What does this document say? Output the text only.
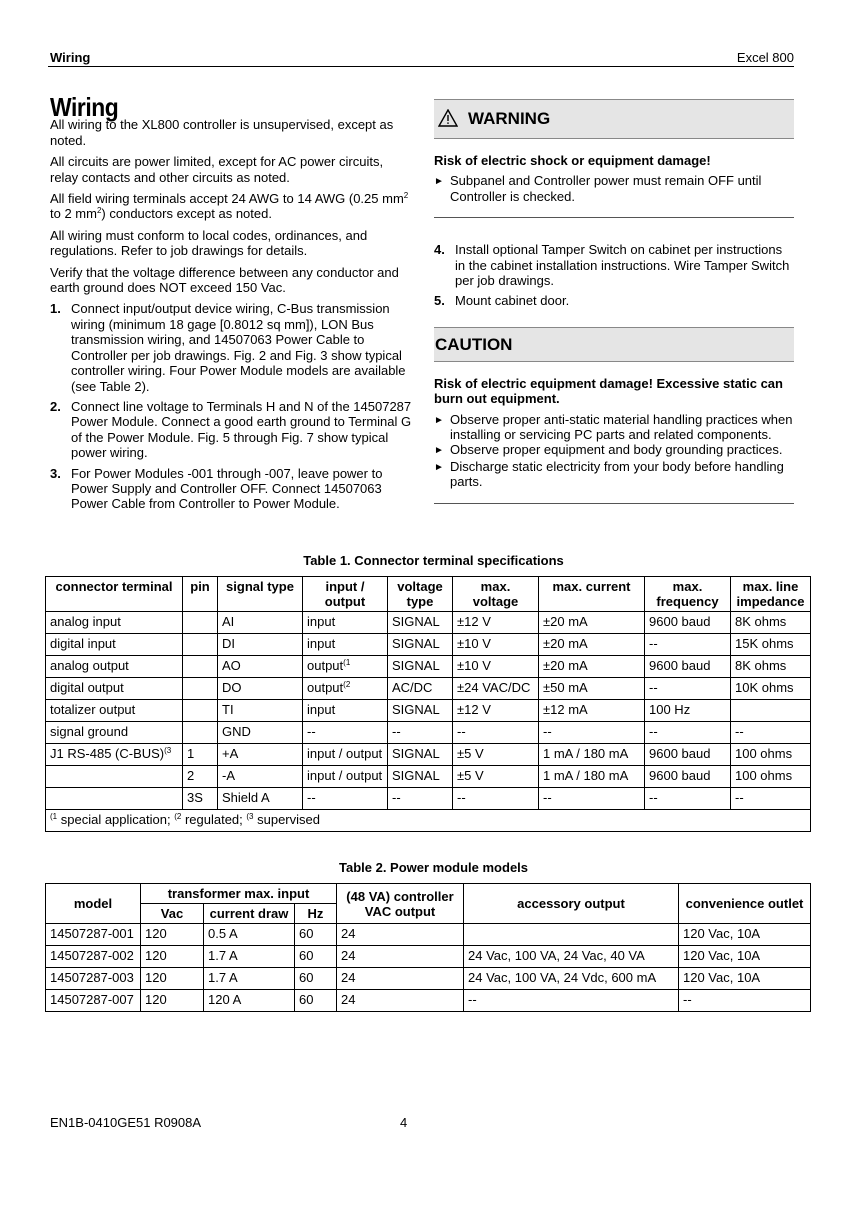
Wiring	Excel 800
Wiring

All wiring to the XL800 controller is unsupervised, except as noted.

All circuits are power limited, except for AC power circuits, relay contacts and other circuits as noted.

All field wiring terminals accept 24 AWG to 14 AWG (0.25 $mm^2$ to 2 $mm^2$) conductors except as noted.

All wiring must conform to local codes, ordinances, and regulations. Refer to job drawings for details.

Verify that the voltage difference between any conductor and earth ground does NOT exceed 150 Vac.

1. Connect input/output device wiring, C-Bus transmission wiring (minimum 18 gage [0.8012 sq mm]), LON Bus transmission wiring, and 14507063 Power Cable to Controller per job drawings. Fig. 2 and Fig. 3 show typical controller wiring. Four Power Module models are available (see Table 2).
2. Connect line voltage to Terminals H and N of the 14507287 Power Module. Connect a good earth ground to Terminal G of the Power Module. Fig. 5 through Fig. 7 show typical power wiring.
3. For Power Modules -001 through -007, leave power to Power Supply and Controller OFF. Connect 14507063 Power Cable from Controller to Power Module.
WARNING
Risk of electric shock or equipment damage!
► Subpanel and Controller power must remain OFF until Controller is checked.
4. Install optional Tamper Switch on cabinet per instructions in the cabinet installation instructions. Wire Tamper Switch per job drawings.
5. Mount cabinet door.
CAUTION
Risk of electric equipment damage! Excessive static can burn out equipment.
► Observe proper anti-static material handling practices when installing or servicing PC parts and related components.
► Observe proper equipment and body grounding practices.
► Discharge static electricity from your body before handling parts.
Table 1. Connector terminal specifications
connector terminal	pin	signal type	input / output	voltage type	max. voltage	max. current	max. frequency	max. line impedance
analog input		AI	input	SIGNAL	±12 V	±20 mA	9600 baud	8K ohms
digital input		DI	input	SIGNAL	±10 V	±20 mA	--	15K ohms
analog output		AO	output$^{(1}$	SIGNAL	±10 V	±20 mA	9600 baud	8K ohms
digital output		DO	output$^{(2}$	AC/DC	±24 VAC/DC	±50 mA	--	10K ohms
totalizer output		TI	input	SIGNAL	±12 V	±12 mA	100 Hz	
signal ground		GND	--	--	--	--	--	--
J1 RS-485 $(C-BUS)^{(3}$	1	+A	input / output	SIGNAL	±5 V	1 mA / 180 mA	9600 baud	100 ohms
	2	-A	input / output	SIGNAL	±5 V	1 mA / 180 mA	9600 baud	100 ohms
	3S	Shield A	--	--	--	--	--	--
$^{(1}$ special application; $^{(2}$ regulated; $^{(3}$ supervised								
Table 2. Power module models
model	transformer max. input			(48 VA) controller VAC output	accessory output	convenience outlet
	Vac	current draw	Hz			
14507287-001	120	0.5 A	60	24		120 Vac, 10A
14507287-002	120	1.7 A	60	24	24 Vac, 100 VA, 24 Vac, 40 VA	120 Vac, 10A
14507287-003	120	1.7 A	60	24	24 Vac, 100 VA, 24 Vdc, 600 mA	120 Vac, 10A
14507287-007	120	120 A	60	24	--	--
EN1B-0410GE51 R0908A	4
